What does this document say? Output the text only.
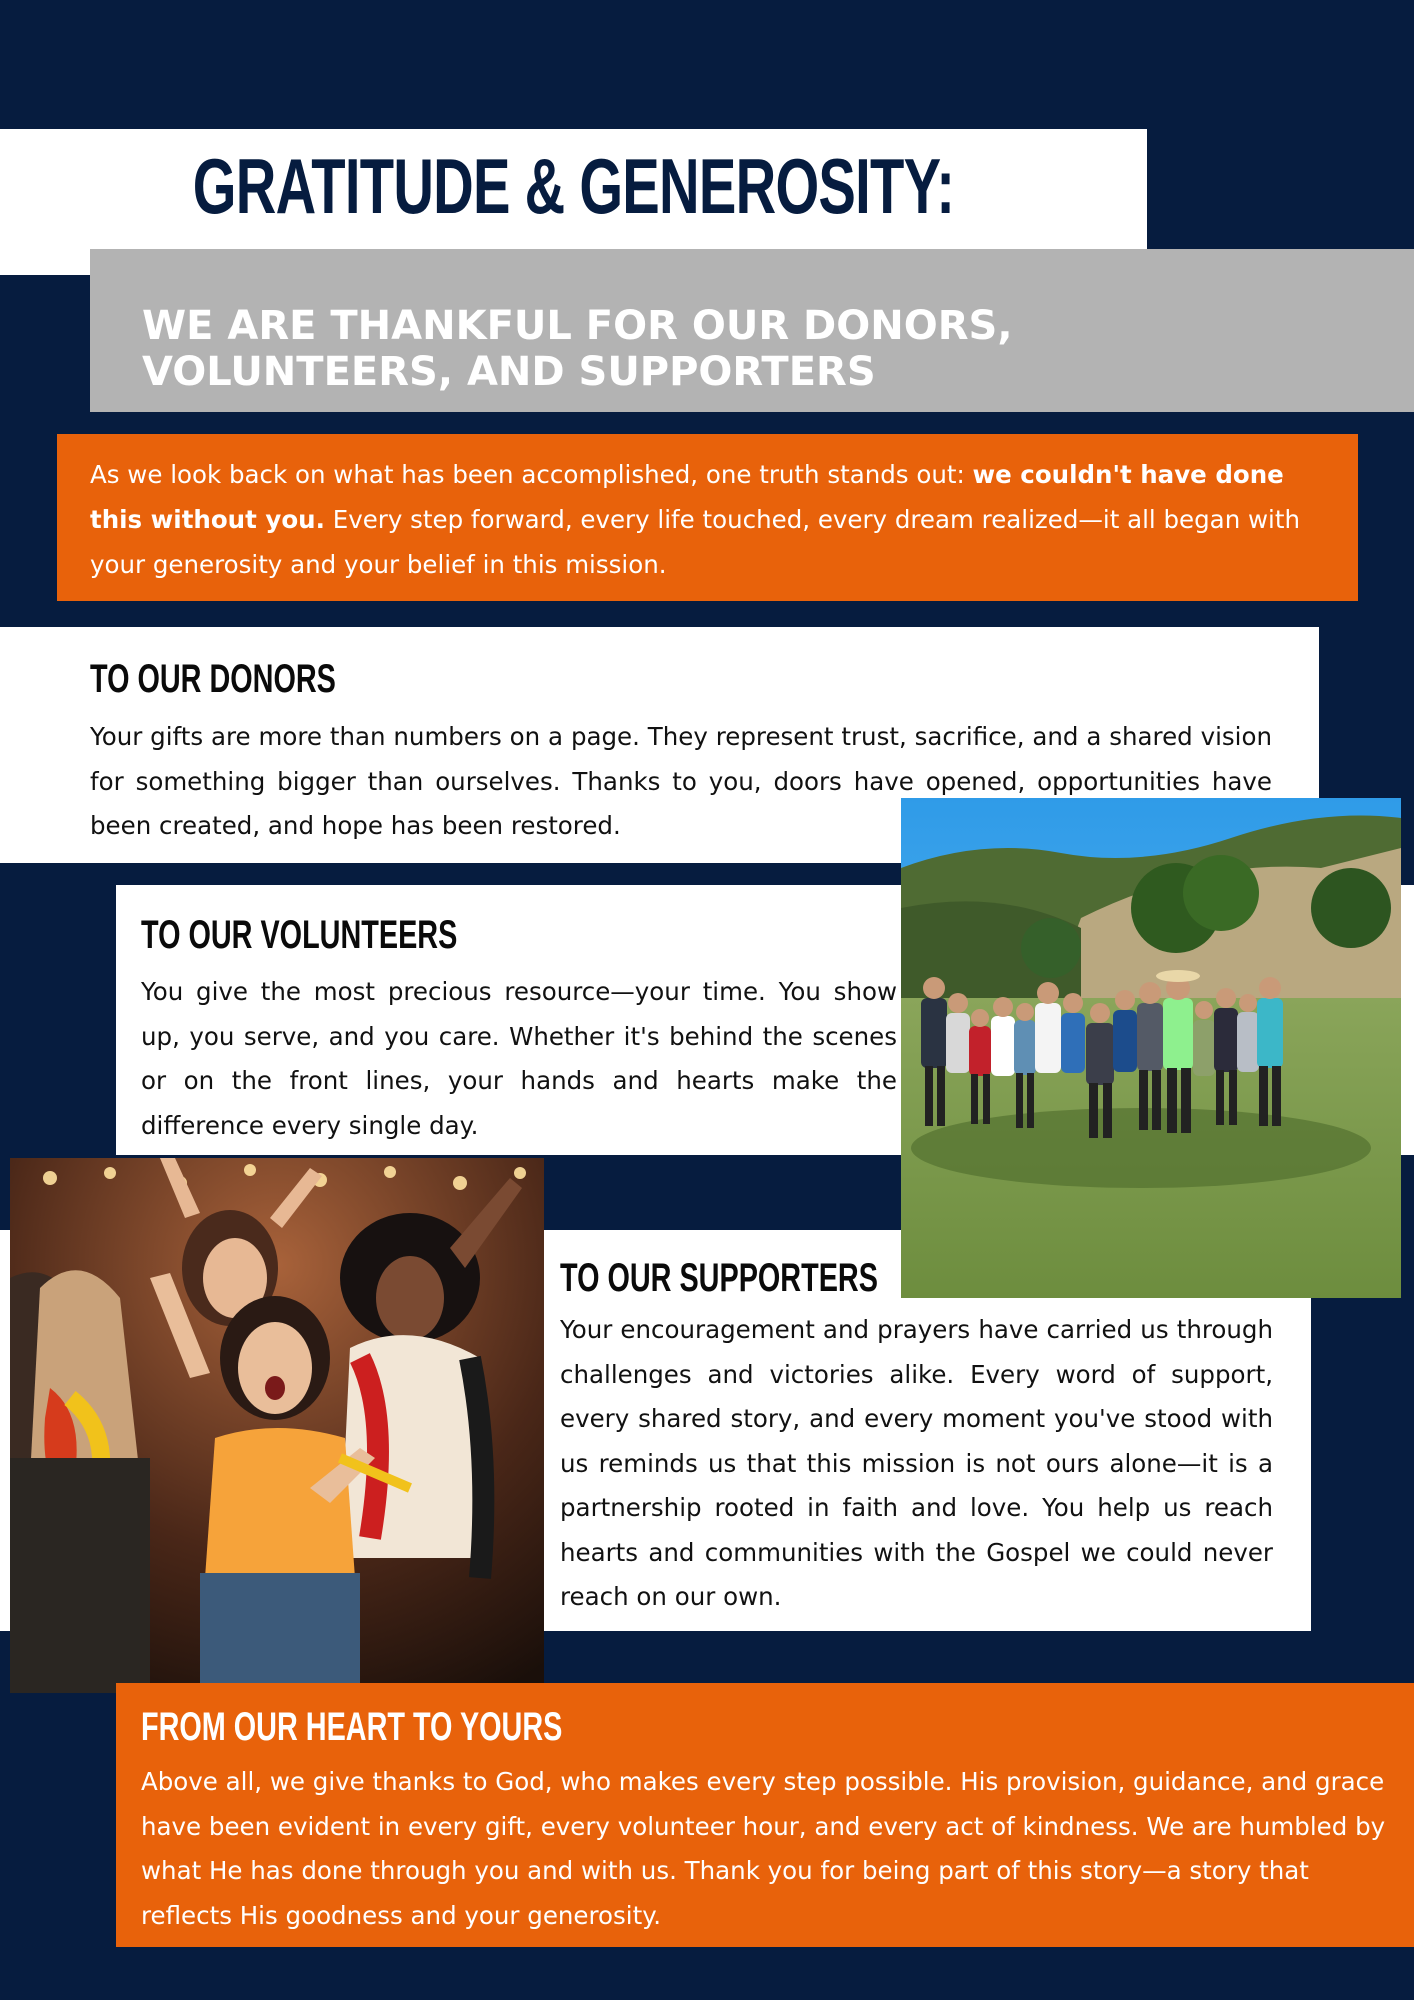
GRATITUDE & GENEROSITY:
WE ARE THANKFUL FOR OUR DONORS,
VOLUNTEERS, AND SUPPORTERS

As we look back on what has been accomplished, one truth stands out: we couldn't have done this without you. Every step forward, every life touched, every dream realized—it all began with your generosity and your belief in this mission.

TO OUR DONORS

Your gifts are more than numbers on a page. They represent trust, sacrifice, and a shared vision for something bigger than ourselves. Thanks to you, doors have opened, opportunities have been created, and hope has been restored.

TO OUR VOLUNTEERS

You give the most precious resource—your time. You show up, you serve, and you care. Whether it's behind the scenes or on the front lines, your hands and hearts make the difference every single day.

TO OUR SUPPORTERS

Your encouragement and prayers have carried us through challenges and victories alike. Every word of support, every shared story, and every moment you've stood with us reminds us that this mission is not ours alone—it is a partnership rooted in faith and love. You help us reach hearts and communities with the Gospel we could never reach on our own.

FROM OUR HEART TO YOURS

Above all, we give thanks to God, who makes every step possible. His provision, guidance, and grace have been evident in every gift, every volunteer hour, and every act of kindness. We are humbled by what He has done through you and with us. Thank you for being part of this story—a story that reflects His goodness and your generosity.
